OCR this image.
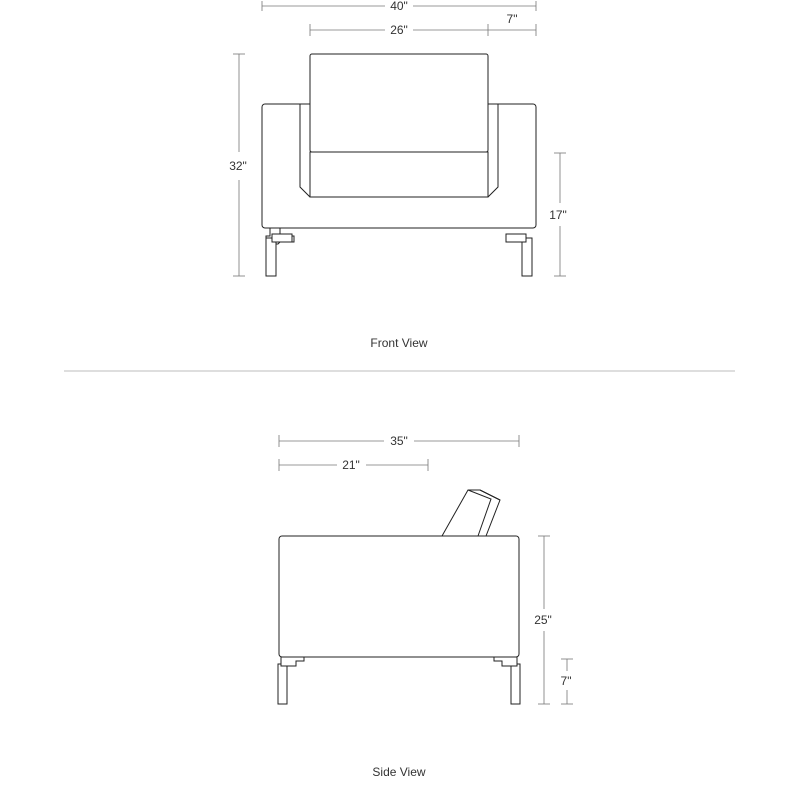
40"
26"
7"
32"
17"
Front View
35"
21"
25"
7"
Side View
